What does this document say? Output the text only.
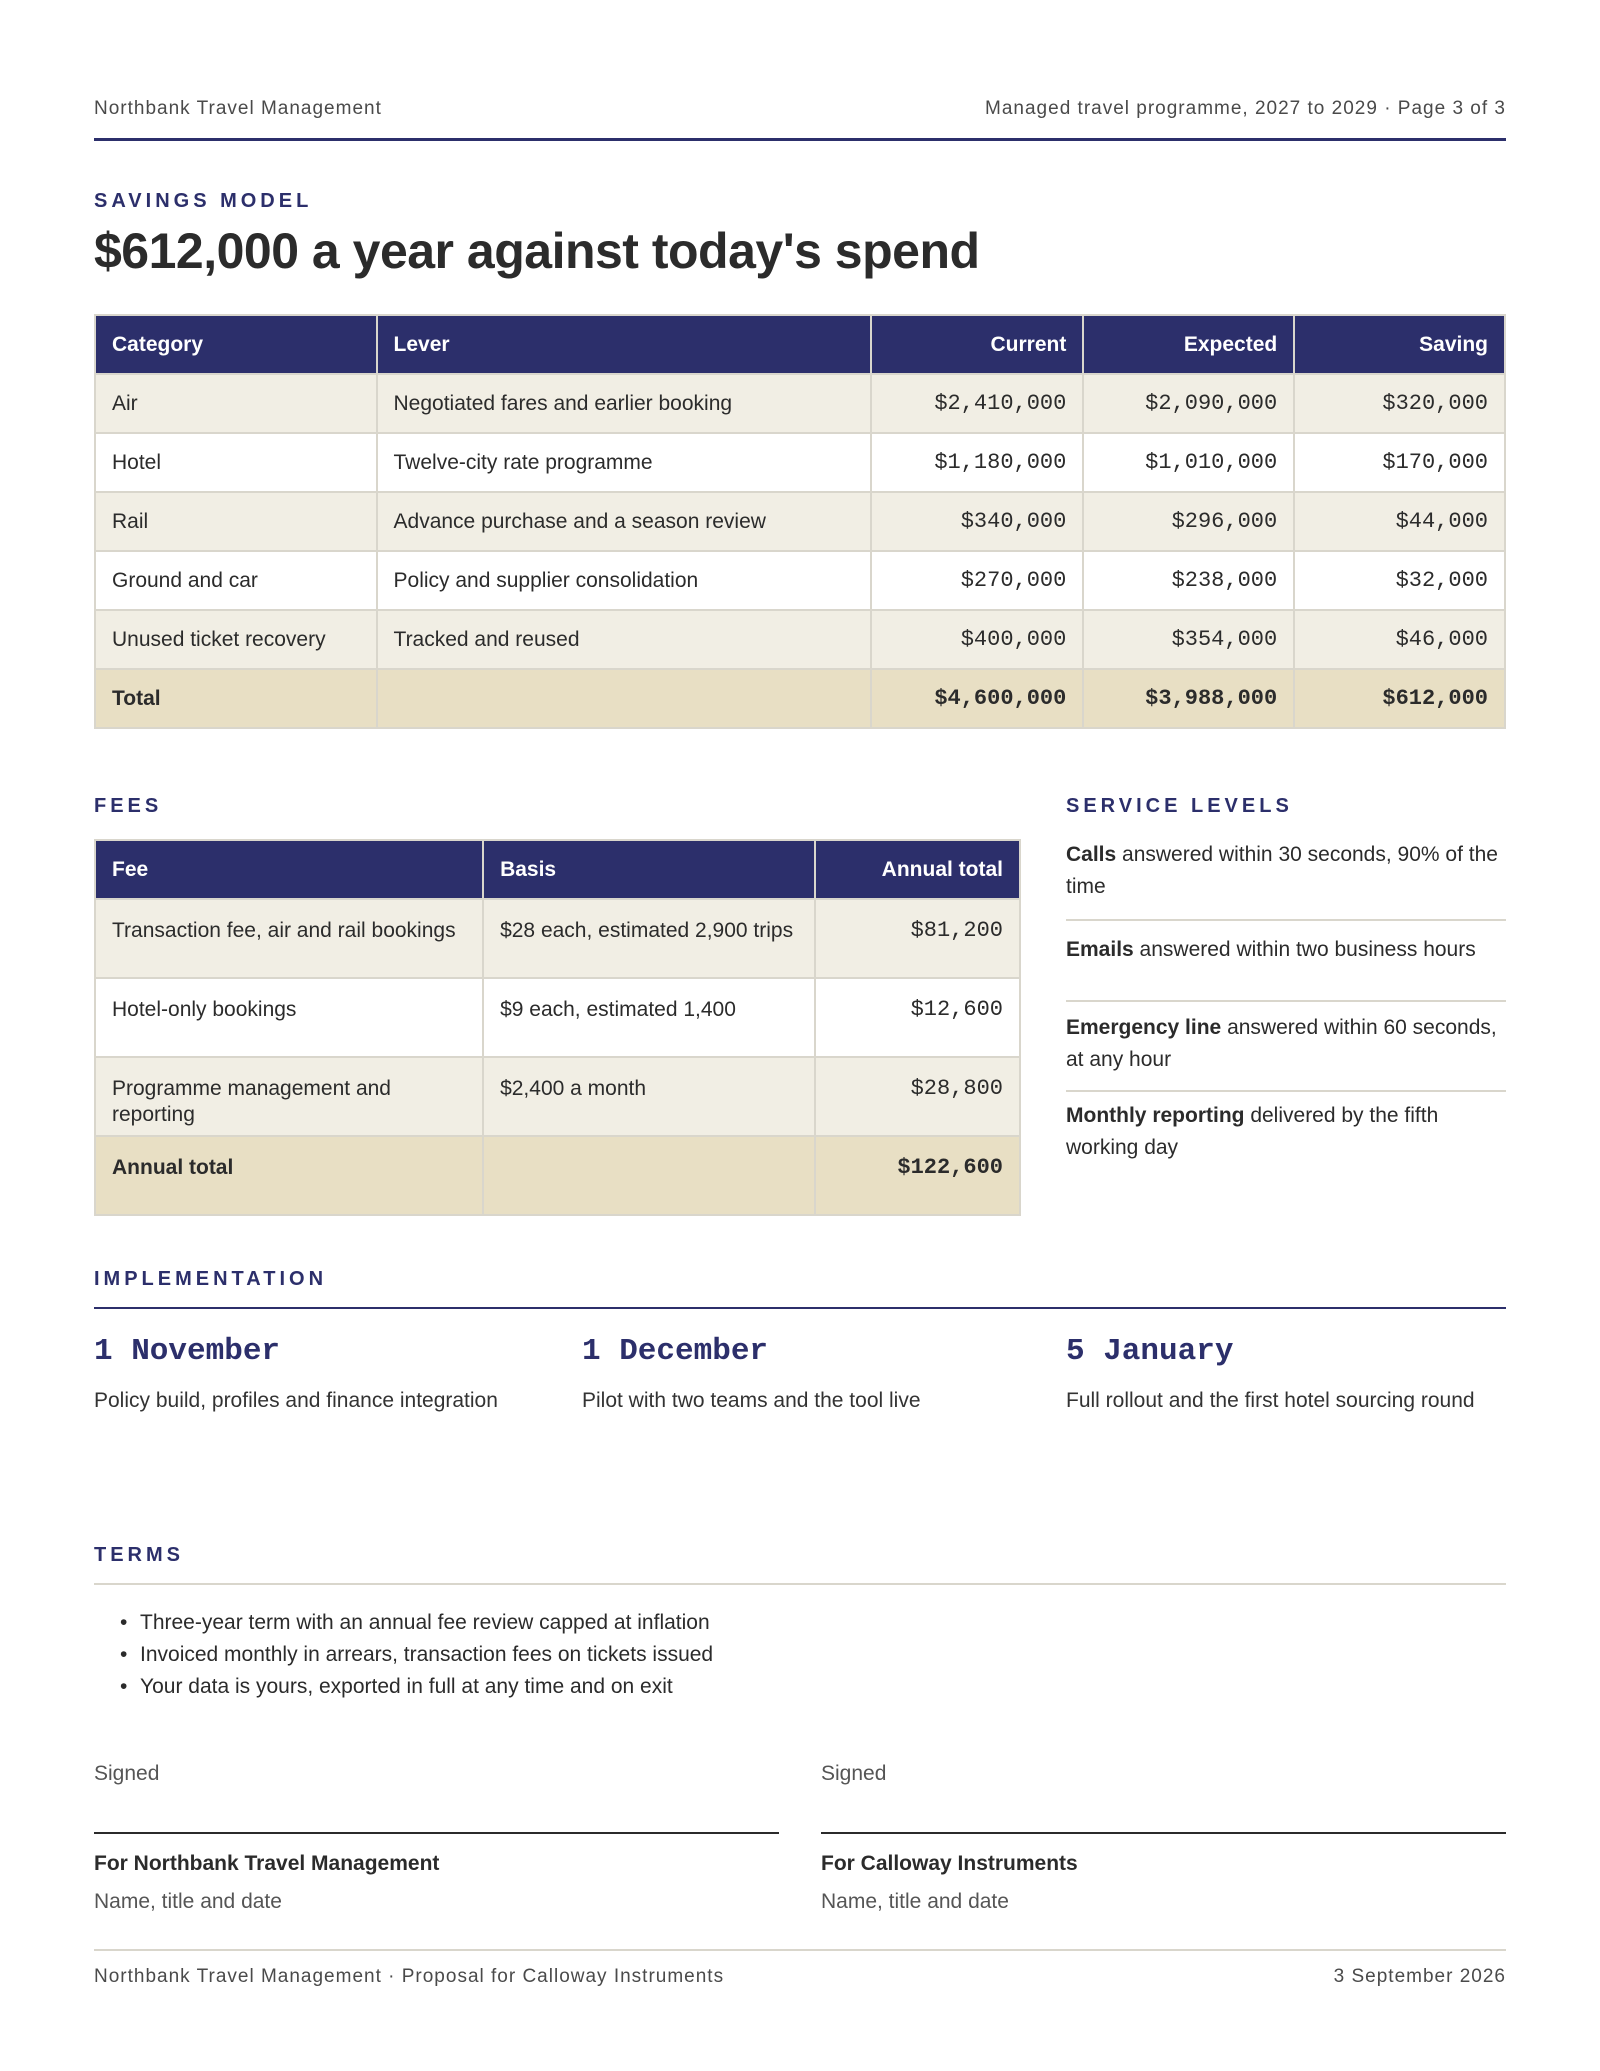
Northbank Travel Management	Managed travel programme, 2027 to 2029 · Page 3 of 3
SAVINGS MODEL
$612,000 a year against today's spend
Category	Lever	Current	Expected	Saving
Air	Negotiated fares and earlier booking	$2,410,000	$2,090,000	$320,000
Hotel	Twelve-city rate programme	$1,180,000	$1,010,000	$170,000
Rail	Advance purchase and a season review	$340,000	$296,000	$44,000
Ground and car	Policy and supplier consolidation	$270,000	$238,000	$32,000
Unused ticket recovery	Tracked and reused	$400,000	$354,000	$46,000
Total		$4,600,000	$3,988,000	$612,000
FEES
Fee	Basis	Annual total
Transaction fee, air and rail bookings	$28 each, estimated 2,900 trips	$81,200
Hotel-only bookings	$9 each, estimated 1,400	$12,600
Programme management and reporting	$2,400 a month	$28,800
Annual total		$122,600
SERVICE LEVELS
Calls answered within 30 seconds, 90% of the time
Emails answered within two business hours
Emergency line answered within 60 seconds, at any hour
Monthly reporting delivered by the fifth working day
IMPLEMENTATION
1 November
Policy build, profiles and finance integration
1 December
Pilot with two teams and the tool live
5 January
Full rollout and the first hotel sourcing round
TERMS
• Three-year term with an annual fee review capped at inflation
• Invoiced monthly in arrears, transaction fees on tickets issued
• Your data is yours, exported in full at any time and on exit
Signed
For Northbank Travel Management
Name, title and date
Signed
For Calloway Instruments
Name, title and date
Northbank Travel Management · Proposal for Calloway Instruments	3 September 2026
